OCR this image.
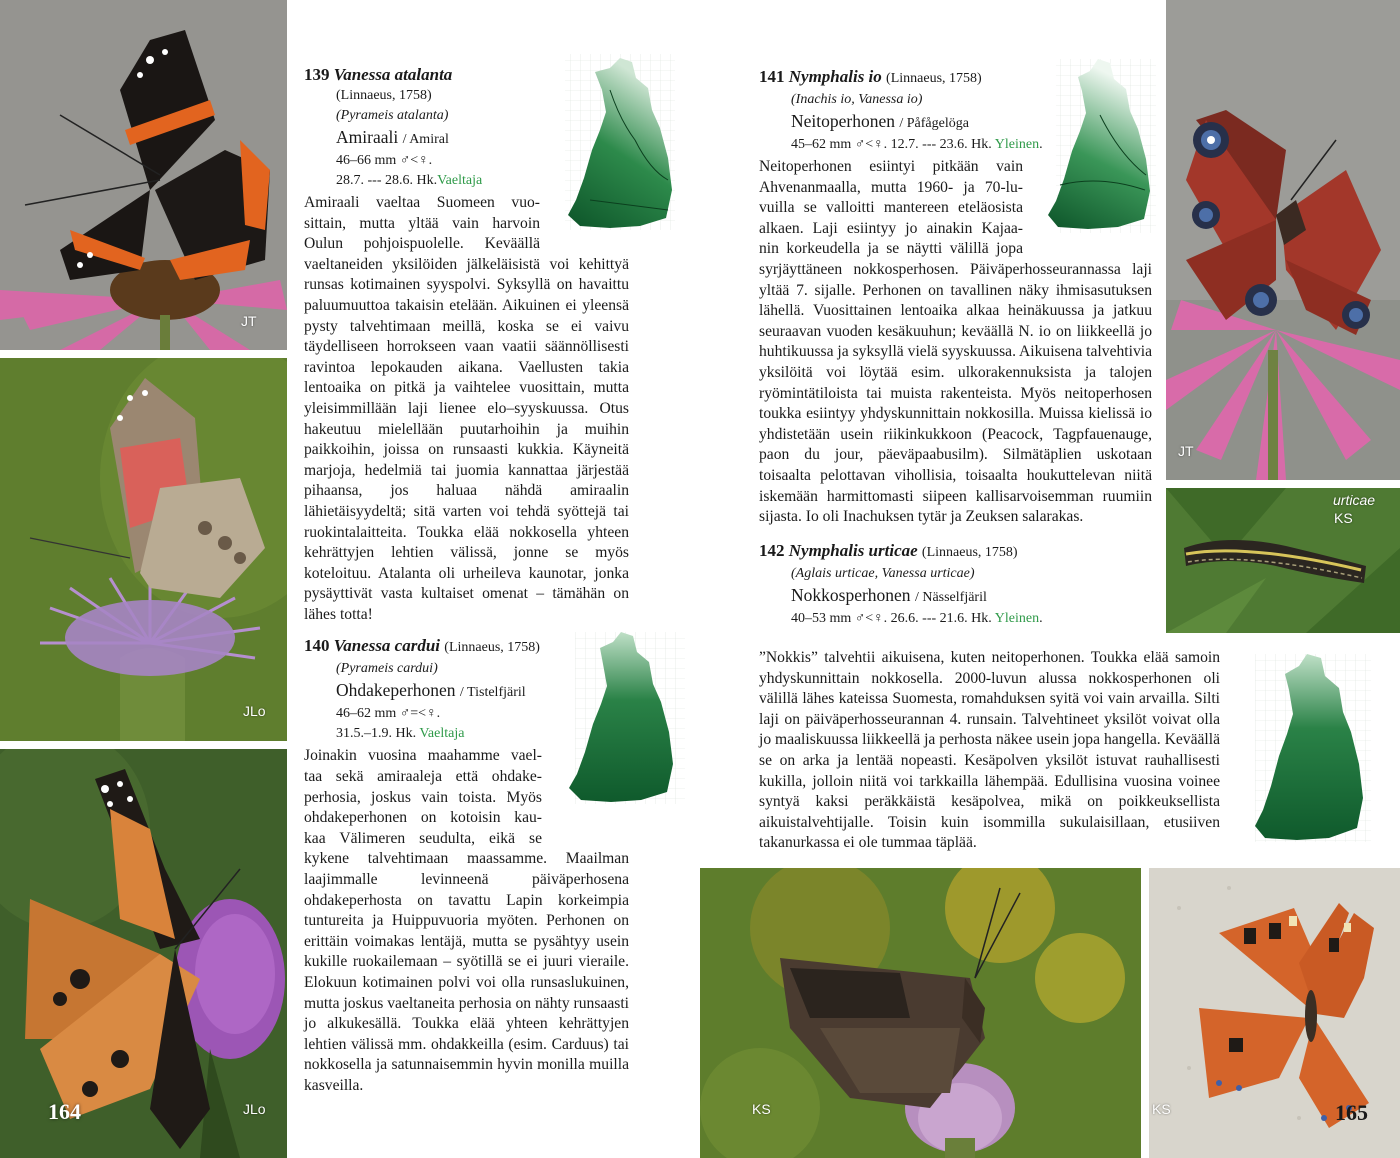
JT
JLo
164	JLo
139 Vanessa atalanta
(Linnaeus, 1758)
(Pyrameis atalanta)
Amiraali / Amiral
46–66 mm ♂<♀.
28.7. --- 28.6. Hk.Vaeltaja

Amiraali vaeltaa Suomeen vuo-

sittain, mutta yltää vain harvoin

Oulun pohjoispuolelle. Keväällä

vaeltaneiden yksilöiden jälkeläisistä voi kehittyä runsas kotimainen syyspolvi. Syksyllä on havaittu paluumuuttoa takaisin etelään. Aikuinen ei yleensä pysty talvehtimaan meillä, koska se ei vaivu täydelliseen horrokseen vaan vaatii säännöllisesti ravintoa lepokauden aikana. Vaellusten takia lentoaika on pitkä ja vaihtelee vuosittain, mutta yleisimmillään laji lienee elo–syyskuussa. Otus hakeutuu mielellään puutarhoihin ja muihin paikkoihin, joissa on runsaasti kukkia. Käyneitä marjoja, hedelmiä tai juomia kannattaa järjestää pihaansa, jos haluaa nähdä amiraalin lähietäisyydeltä; sitä varten voi tehdä syöttejä tai ruokintalaitteita. Toukka elää nokkosella yhteen kehrättyjen lehtien välissä, jonne se myös koteloituu. Atalanta oli urheileva kaunotar, jonka pysäyttivät vasta kultaiset omenat – tämähän on lähes totta!

140 Vanessa cardui (Linnaeus, 1758)
(Pyrameis cardui)
Ohdakeperhonen / Tistelfjäril
46–62 mm ♂=<♀.
31.5.–1.9. Hk. Vaeltaja

Joinakin vuosina maahamme vael-

taa sekä amiraaleja että ohdake-

perhosia, joskus vain toista. Myös

ohdakeperhonen on kotoisin kau-

kaa Välimeren seudulta, eikä se

kykene talvehtimaan maassamme. Maailman laajimmalle levinneenä päiväperhosena ohdakeperhosta on tavattu Lapin korkeimpia tuntureita ja Huippuvuoria myöten. Perhonen on erittäin voimakas lentäjä, mutta se pysähtyy usein kukille ruokailemaan – syötillä se ei juuri vieraile. Elokuun kotimainen polvi voi olla runsaslukuinen, mutta joskus vaeltaneita perhosia on nähty runsaasti jo alkukesällä. Toukka elää yhteen kehrättyjen lehtien välissä mm. ohdakkeilla (esim. Carduus) tai nokkosella ja satunnaisemmin hyvin monilla muilla kasveilla.

JT
urticae
KS
KS	165
KS
141 Nymphalis io (Linnaeus, 1758)
(Inachis io, Vanessa io)
Neitoperhonen / Påfågelöga
45–62 mm ♂<♀. 12.7. --- 23.6. Hk. Yleinen.

Neitoperhonen esiintyi pitkään vain

Ahvenanmaalla, mutta 1960- ja 70-lu-

vuilla se valloitti mantereen eteläosista

alkaen. Laji esiintyy jo ainakin Kajaa-

nin korkeudella ja se näytti välillä jopa

syrjäyttäneen nokkosperhosen. Päiväperhosseurannassa laji yltää 7. sijalle. Perhonen on tavallinen näky ihmisasutuksen lähellä. Vuosittainen lentoaika alkaa heinäkuussa ja jatkuu seuraavan vuoden kesäkuuhun; keväällä N. io on liikkeellä jo huhtikuussa ja syksyllä vielä syyskuussa. Aikuisena talvehtivia yksilöitä voi löytää esim. ulkorakennuksista ja talojen ryömintätiloista tai muista rakenteista. Myös neitoperhosen toukka esiintyy yhdyskunnittain nokkosilla. Muissa kielissä io yhdistetään usein riikinkukkoon (Peacock, Tagpfauenauge, paon du jour, päeväpaabusilm). Silmätäplien uskotaan toisaalta pelottavan vihollisia, toisaalta houkuttelevan niitä iskemään harmittomasti siipeen kallisarvoisemman ruumiin sijasta. Io oli Inachuksen tytär ja Zeuksen salarakas.

142 Nymphalis urticae (Linnaeus, 1758)
(Aglais urticae, Vanessa urticae)
Nokkosperhonen / Nässelfjäril
40–53 mm ♂<♀. 26.6. --- 21.6. Hk. Yleinen.

”Nokkis” talvehtii aikuisena, kuten neitoperhonen. Toukka elää samoin yhdyskunnittain nokkosella. 2000-luvun alussa nokkosperhonen oli välillä lähes kateissa Suomesta, romahduksen syitä voi vain arvailla. Silti laji on päiväperhosseurannan 4. runsain. Talvehtineet yksilöt voivat olla jo maaliskuussa liikkeellä ja perhosta näkee usein jopa hangella. Keväällä se on arka ja lentää nopeasti. Kesäpolven yksilöt istuvat rauhallisesti kukilla, jolloin niitä voi tarkkailla lähempää. Edullisina vuosina voinee syntyä kaksi peräkkäistä kesäpolvea, mikä on poikkeuksellista aikuistalvehtijalle. Toisin kuin isommilla sukulaisillaan, etusiiven takanurkassa ei ole tummaa täplää.
